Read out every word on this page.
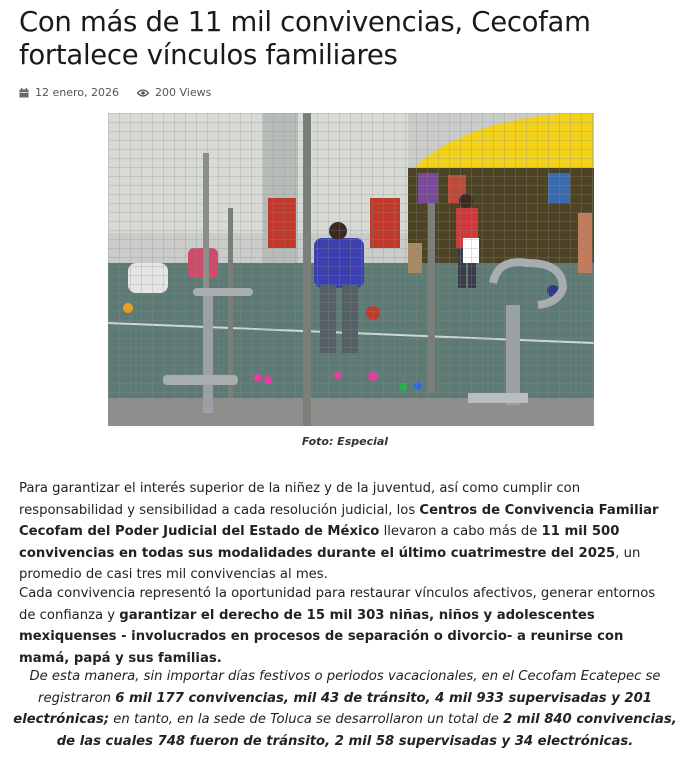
Con más de 11 mil convivencias, Cecofam fortalece vínculos familiares
12 enero, 2026	200 Views
Foto: Especial

Para garantizar el interés superior de la niñez y de la juventud, así como cumplir con responsabilidad y sensibilidad a cada resolución judicial, los Centros de Convivencia Familiar Cecofam del Poder Judicial del Estado de México llevaron a cabo más de 11 mil 500 convivencias en todas sus modalidades durante el último cuatrimestre del 2025, un promedio de casi tres mil convivencias al mes.

Cada convivencia representó la oportunidad para restaurar vínculos afectivos, generar entornos de confianza y garantizar el derecho de 15 mil 303 niñas, niños y adolescentes mexiquenses - involucrados en procesos de separación o divorcio- a reunirse con mamá, papá y sus familias.

De esta manera, sin importar días festivos o periodos vacacionales, en el Cecofam Ecatepec se registraron 6 mil 177 convivencias, mil 43 de tránsito, 4 mil 933 supervisadas y 201 electrónicas; en tanto, en la sede de Toluca se desarrollaron un total de 2 mil 840 convivencias, de las cuales 748 fueron de tránsito, 2 mil 58 supervisadas y 34 electrónicas.
